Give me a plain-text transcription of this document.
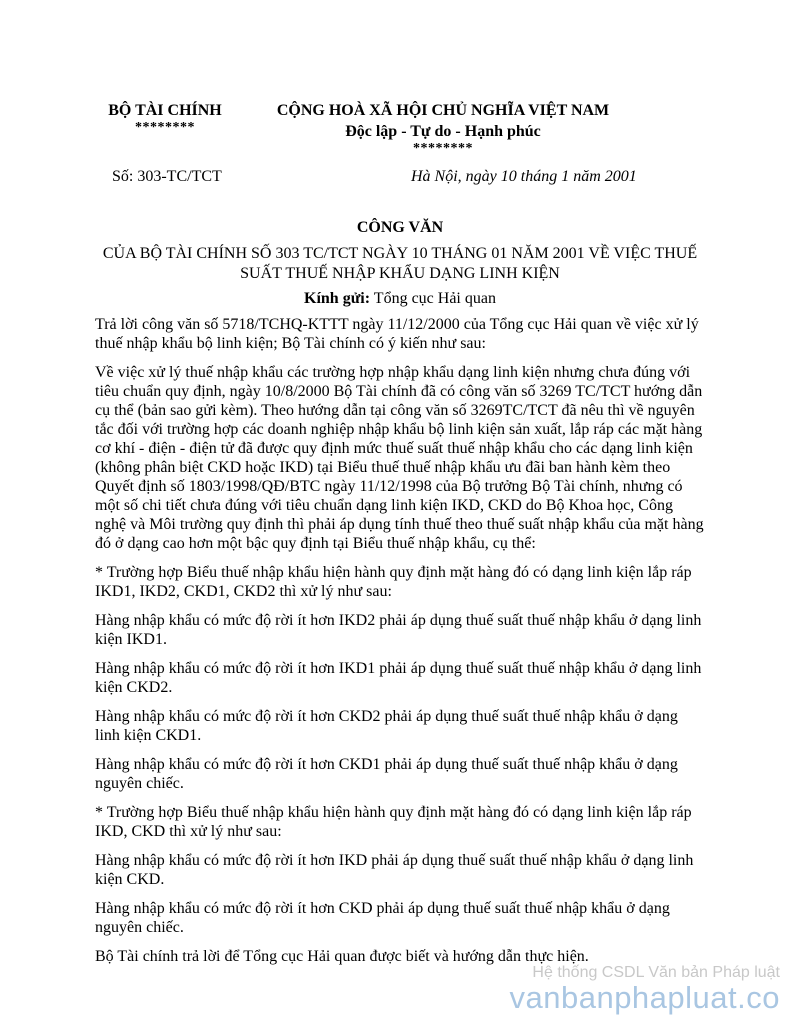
BỘ TÀI CHÍNH
********
CỘNG HOÀ XÃ HỘI CHỦ NGHĨA VIỆT NAM
Độc lập - Tự do - Hạnh phúc
********
Số: 303-TC/TCT	Hà Nội, ngày 10 tháng 1 năm 2001
CÔNG VĂN
CỦA BỘ TÀI CHÍNH SỐ 303 TC/TCT NGÀY 10 THÁNG 01 NĂM 2001 VỀ VIỆC THUẾ SUẤT THUẾ NHẬP KHẨU DẠNG LINH KIỆN
Kính gửi: Tổng cục Hải quan

Trả lời công văn số 5718/TCHQ-KTTT ngày 11/12/2000 của Tổng cục Hải quan về việc xử lý thuế nhập khẩu bộ linh kiện; Bộ Tài chính có ý kiến như sau:

Về việc xử lý thuế nhập khẩu các trường hợp nhập khẩu dạng linh kiện nhưng chưa đúng với tiêu chuẩn quy định, ngày 10/8/2000 Bộ Tài chính đã có công văn số 3269 TC/TCT hướng dẫn cụ thể (bản sao gửi kèm). Theo hướng dẫn tại công văn số 3269TC/TCT đã nêu thì về nguyên tắc đối với trường hợp các doanh nghiệp nhập khẩu bộ linh kiện sản xuất, lắp ráp các mặt hàng cơ khí - điện - điện tử đã được quy định mức thuế suất thuế nhập khẩu cho các dạng linh kiện (không phân biệt CKD hoặc IKD) tại Biểu thuế thuế nhập khẩu ưu đãi ban hành kèm theo Quyết định số 1803/1998/QĐ/BTC ngày 11/12/1998 của Bộ trưởng Bộ Tài chính, nhưng có một số chi tiết chưa đúng với tiêu chuẩn dạng linh kiện IKD, CKD do Bộ Khoa học, Công nghệ và Môi trường quy định thì phải áp dụng tính thuế theo thuế suất nhập khẩu của mặt hàng đó ở dạng cao hơn một bậc quy định tại Biểu thuế nhập khẩu, cụ thể:

* Trường hợp Biểu thuế nhập khẩu hiện hành quy định mặt hàng đó có dạng linh kiện lắp ráp IKD1, IKD2, CKD1, CKD2 thì xử lý như sau:

Hàng nhập khẩu có mức độ rời ít hơn IKD2 phải áp dụng thuế suất thuế nhập khẩu ở dạng linh kiện IKD1.

Hàng nhập khẩu có mức độ rời ít hơn IKD1 phải áp dụng thuế suất thuế nhập khẩu ở dạng linh kiện CKD2.

Hàng nhập khẩu có mức độ rời ít hơn CKD2 phải áp dụng thuế suất thuế nhập khẩu ở dạng linh kiện CKD1.

Hàng nhập khẩu có mức độ rời ít hơn CKD1 phải áp dụng thuế suất thuế nhập khẩu ở dạng nguyên chiếc.

* Trường hợp Biểu thuế nhập khẩu hiện hành quy định mặt hàng đó có dạng linh kiện lắp ráp IKD, CKD thì xử lý như sau:

Hàng nhập khẩu có mức độ rời ít hơn IKD phải áp dụng thuế suất thuế nhập khẩu ở dạng linh kiện CKD.

Hàng nhập khẩu có mức độ rời ít hơn CKD phải áp dụng thuế suất thuế nhập khẩu ở dạng nguyên chiếc.

Bộ Tài chính trả lời để Tổng cục Hải quan được biết và hướng dẫn thực hiện.

Hệ thống CSDL Văn bản Pháp luật
vanbanphapluat.co
